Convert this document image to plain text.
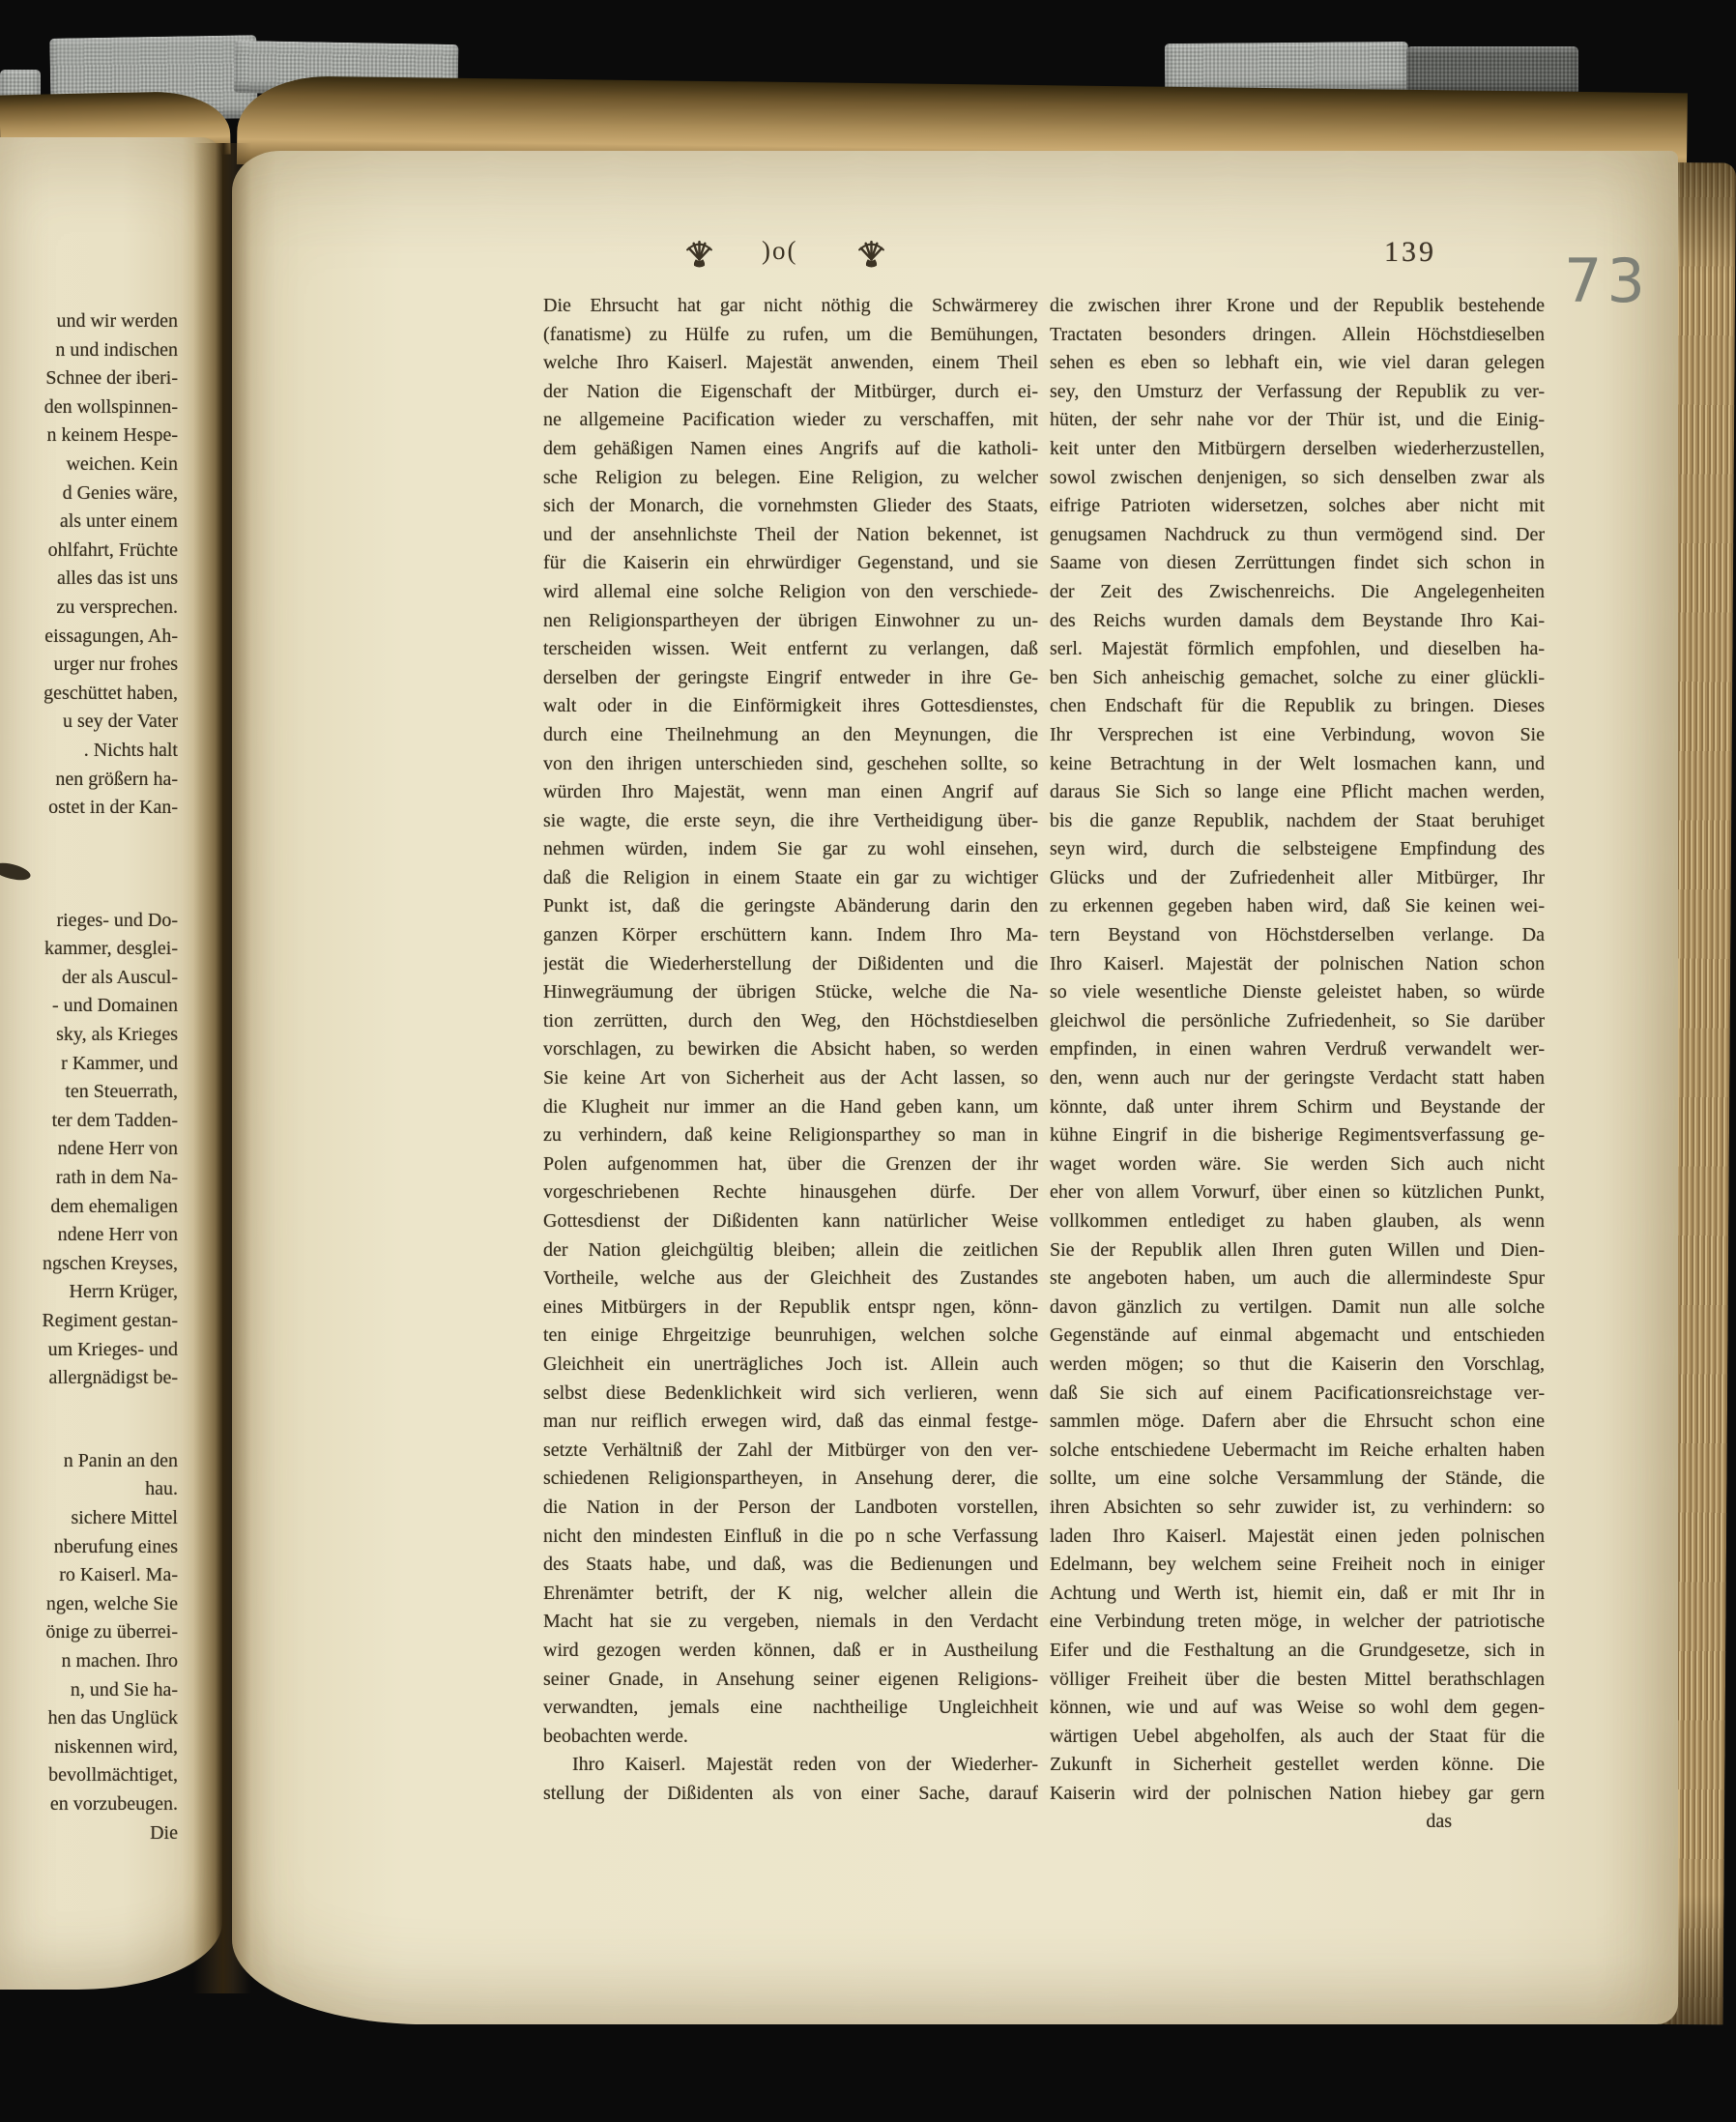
und wir werden
n und indischen
Schnee der iberi-
den wollspinnen-
n keinem Hespe-
weichen. Kein
d Genies wäre,
als unter einem
ohlfahrt, Früchte
alles das ist uns
zu versprechen.
eissagungen, Ah-
urger nur frohes
geschüttet haben,
u sey der Vater
. Nichts halt
nen größern ha-
ostet in der Kan-
rieges- und Do-
kammer, desglei-
der als Auscul-
- und Domainen
sky, als Krieges
r Kammer, und
ten Steuerrath,
ter dem Tadden-
ndene Herr von
rath in dem Na-
dem ehemaligen
ndene Herr von
ngschen Kreyses,
Herrn Krüger,
Regiment gestan-
um Krieges- und
allergnädigst be-
n Panin an den
hau.
sichere Mittel
nberufung eines
ro Kaiserl. Ma-
ngen, welche Sie
önige zu überrei-
n machen. Ihro
n, und Sie ha-
hen das Unglück
niskennen wird,
bevollmächtiget,
en vorzubeugen.
Die
)o(	139 73
Die Ehrsucht hat gar nicht nöthig die Schwärmerey
(fanatisme) zu Hülfe zu rufen, um die Bemühungen,
welche Ihro Kaiserl. Majestät anwenden, einem Theil
der Nation die Eigenschaft der Mitbürger, durch ei-
ne allgemeine Pacification wieder zu verschaffen, mit
dem gehäßigen Namen eines Angrifs auf die katholi-
sche Religion zu belegen. Eine Religion, zu welcher
sich der Monarch, die vornehmsten Glieder des Staats,
und der ansehnlichste Theil der Nation bekennet, ist
für die Kaiserin ein ehrwürdiger Gegenstand, und sie
wird allemal eine solche Religion von den verschiede-
nen Religionspartheyen der übrigen Einwohner zu un-
terscheiden wissen. Weit entfernt zu verlangen, daß
derselben der geringste Eingrif entweder in ihre Ge-
walt oder in die Einförmigkeit ihres Gottesdienstes,
durch eine Theilnehmung an den Meynungen, die
von den ihrigen unterschieden sind, geschehen sollte, so
würden Ihro Majestät, wenn man einen Angrif auf
sie wagte, die erste seyn, die ihre Vertheidigung über-
nehmen würden, indem Sie gar zu wohl einsehen,
daß die Religion in einem Staate ein gar zu wichtiger
Punkt ist, daß die geringste Abänderung darin den
ganzen Körper erschüttern kann. Indem Ihro Ma-
jestät die Wiederherstellung der Dißidenten und die
Hinwegräumung der übrigen Stücke, welche die Na-
tion zerrütten, durch den Weg, den Höchstdieselben
vorschlagen, zu bewirken die Absicht haben, so werden
Sie keine Art von Sicherheit aus der Acht lassen, so
die Klugheit nur immer an die Hand geben kann, um
zu verhindern, daß keine Religionsparthey so man in
Polen aufgenommen hat, über die Grenzen der ihr
vorgeschriebenen Rechte hinausgehen dürfe. Der
Gottesdienst der Dißidenten kann natürlicher Weise
der Nation gleichgültig bleiben; allein die zeitlichen
Vortheile, welche aus der Gleichheit des Zustandes
eines Mitbürgers in der Republik entspr ngen, könn-
ten einige Ehrgeitzige beunruhigen, welchen solche
Gleichheit ein unerträgliches Joch ist. Allein auch
selbst diese Bedenklichkeit wird sich verlieren, wenn
man nur reiflich erwegen wird, daß das einmal festge-
setzte Verhältniß der Zahl der Mitbürger von den ver-
schiedenen Religionspartheyen, in Ansehung derer, die
die Nation in der Person der Landboten vorstellen,
nicht den mindesten Einfluß in die po n sche Verfassung
des Staats habe, und daß, was die Bedienungen und
Ehrenämter betrift, der K nig, welcher allein die
Macht hat sie zu vergeben, niemals in den Verdacht
wird gezogen werden können, daß er in Austheilung
seiner Gnade, in Ansehung seiner eigenen Religions-
verwandten, jemals eine nachtheilige Ungleichheit
beobachten werde.
Ihro Kaiserl. Majestät reden von der Wiederher-
stellung der Dißidenten als von einer Sache, darauf
die zwischen ihrer Krone und der Republik bestehende
Tractaten besonders dringen. Allein Höchstdieselben
sehen es eben so lebhaft ein, wie viel daran gelegen
sey, den Umsturz der Verfassung der Republik zu ver-
hüten, der sehr nahe vor der Thür ist, und die Einig-
keit unter den Mitbürgern derselben wiederherzustellen,
sowol zwischen denjenigen, so sich denselben zwar als
eifrige Patrioten widersetzen, solches aber nicht mit
genugsamen Nachdruck zu thun vermögend sind. Der
Saame von diesen Zerrüttungen findet sich schon in
der Zeit des Zwischenreichs. Die Angelegenheiten
des Reichs wurden damals dem Beystande Ihro Kai-
serl. Majestät förmlich empfohlen, und dieselben ha-
ben Sich anheischig gemachet, solche zu einer glückli-
chen Endschaft für die Republik zu bringen. Dieses
Ihr Versprechen ist eine Verbindung, wovon Sie
keine Betrachtung in der Welt losmachen kann, und
daraus Sie Sich so lange eine Pflicht machen werden,
bis die ganze Republik, nachdem der Staat beruhiget
seyn wird, durch die selbsteigene Empfindung des
Glücks und der Zufriedenheit aller Mitbürger, Ihr
zu erkennen gegeben haben wird, daß Sie keinen wei-
tern Beystand von Höchstderselben verlange. Da
Ihro Kaiserl. Majestät der polnischen Nation schon
so viele wesentliche Dienste geleistet haben, so würde
gleichwol die persönliche Zufriedenheit, so Sie darüber
empfinden, in einen wahren Verdruß verwandelt wer-
den, wenn auch nur der geringste Verdacht statt haben
könnte, daß unter ihrem Schirm und Beystande der
kühne Eingrif in die bisherige Regimentsverfassung ge-
waget worden wäre. Sie werden Sich auch nicht
eher von allem Vorwurf, über einen so kützlichen Punkt,
vollkommen entlediget zu haben glauben, als wenn
Sie der Republik allen Ihren guten Willen und Dien-
ste angeboten haben, um auch die allermindeste Spur
davon gänzlich zu vertilgen. Damit nun alle solche
Gegenstände auf einmal abgemacht und entschieden
werden mögen; so thut die Kaiserin den Vorschlag,
daß Sie sich auf einem Pacificationsreichstage ver-
sammlen möge. Dafern aber die Ehrsucht schon eine
solche entschiedene Uebermacht im Reiche erhalten haben
sollte, um eine solche Versammlung der Stände, die
ihren Absichten so sehr zuwider ist, zu verhindern: so
laden Ihro Kaiserl. Majestät einen jeden polnischen
Edelmann, bey welchem seine Freiheit noch in einiger
Achtung und Werth ist, hiemit ein, daß er mit Ihr in
eine Verbindung treten möge, in welcher der patriotische
Eifer und die Festhaltung an die Grundgesetze, sich in
völliger Freiheit über die besten Mittel berathschlagen
können, wie und auf was Weise so wohl dem gegen-
wärtigen Uebel abgeholfen, als auch der Staat für die
Zukunft in Sicherheit gestellet werden könne. Die
Kaiserin wird der polnischen Nation hiebey gar gern
das
